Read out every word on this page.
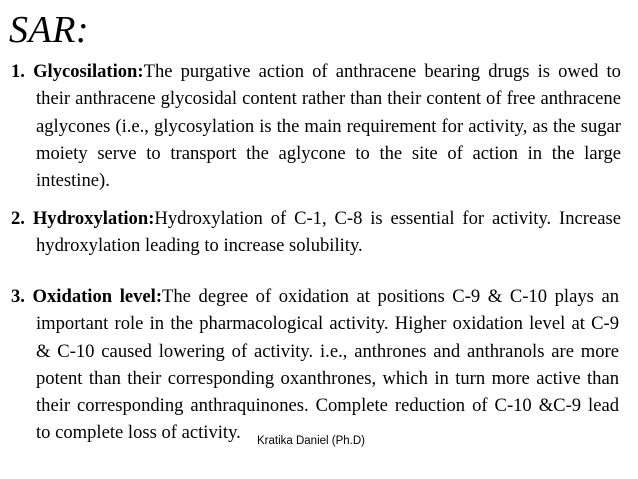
SAR:
1. Glycosilation:The purgative action of anthracene bearing drugs is owed to their anthracene glycosidal content rather than their content of free anthracene aglycones (i.e., glycosylation is the main requirement for activity, as the sugar moiety serve to transport the aglycone to the site of action in the large intestine).
2. Hydroxylation:Hydroxylation of C-1, C-8 is essential for activity. Increase hydroxylation leading to increase solubility.
3. Oxidation level:The degree of oxidation at positions C-9 & C-10 plays an important role in the pharmacological activity. Higher oxidation level at C-9 & C-10 caused lowering of activity. i.e., anthrones and anthranols are more potent than their corresponding oxanthrones, which in turn more active than their corresponding anthraquinones. Complete reduction of C-10 &C-9 lead to complete loss of activity.	Kratika Daniel (Ph.D)
